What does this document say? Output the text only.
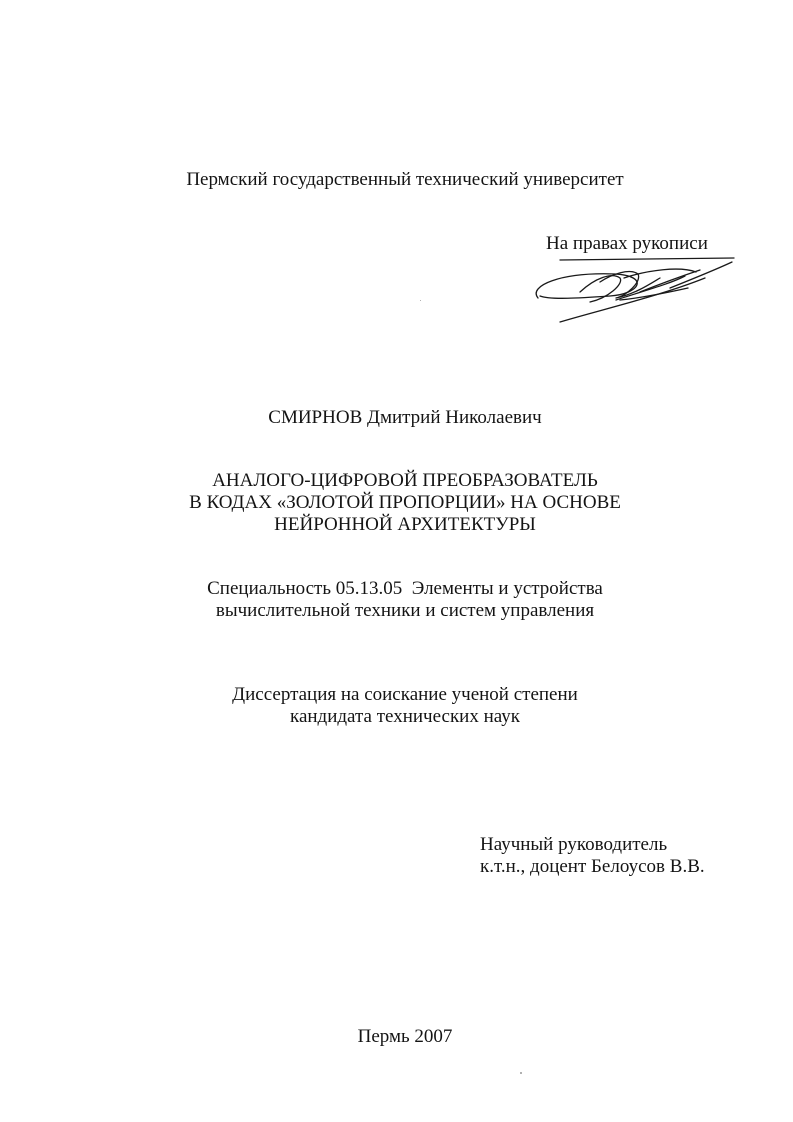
Пермский государственный технический университет
На правах рукописи
СМИРНОВ Дмитрий Николаевич
АНАЛОГО-ЦИФРОВОЙ ПРЕОБРАЗОВАТЕЛЬ
В КОДАХ «ЗОЛОТОЙ ПРОПОРЦИИ» НА ОСНОВЕ
НЕЙРОННОЙ АРХИТЕКТУРЫ
Специальность 05.13.05  Элементы и устройства
вычислительной техники и систем управления
Диссертация на соискание ученой степени
кандидата технических наук
Научный руководитель
к.т.н., доцент Белоусов В.В.
Пермь 2007
